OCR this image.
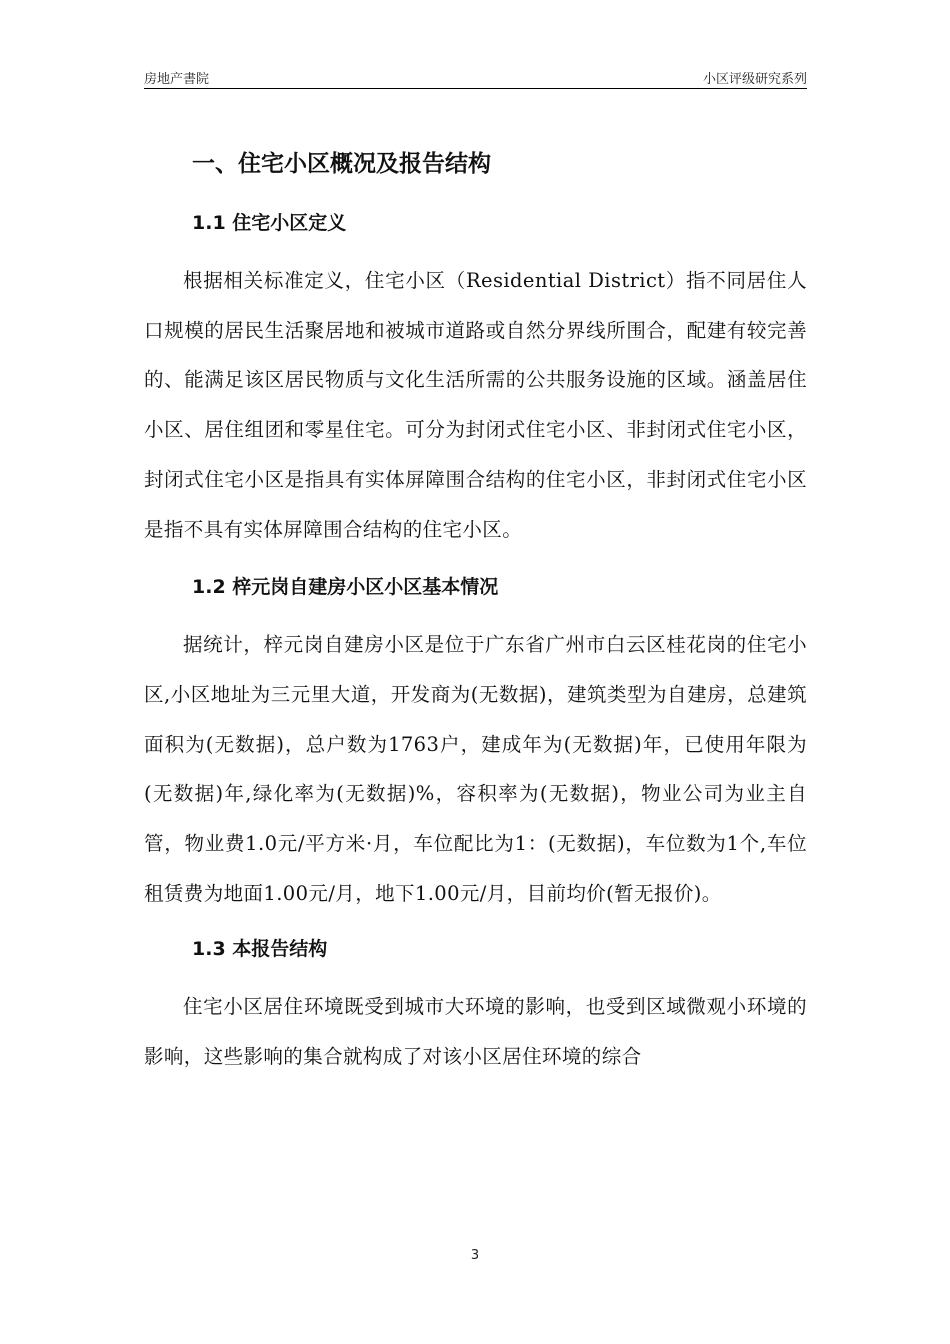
房地产書院	小区评级研究系列
一、住宅小区概况及报告结构
1.1 住宅小区定义

根据相关标准定义，住宅小区（Residential District）指不同居住人口规模的居民生活聚居地和被城市道路或自然分界线所围合，配建有较完善的、能满足该区居民物质与文化生活所需的公共服务设施的区域。涵盖居住小区、居住组团和零星住宅。可分为封闭式住宅小区、非封闭式住宅小区，封闭式住宅小区是指具有实体屏障围合结构的住宅小区，非封闭式住宅小区是指不具有实体屏障围合结构的住宅小区。

1.2 梓元岗自建房小区小区基本情况

据统计，梓元岗自建房小区是位于广东省广州市白云区桂花岗的住宅小区,小区地址为三元里大道，开发商为(无数据)，建筑类型为自建房，总建筑面积为(无数据)，总户数为1763户，建成年为(无数据)年，已使用年限为(无数据)年,绿化率为(无数据)%，容积率为(无数据)，物业公司为业主自管，物业费1.0元/平方米·月，车位配比为1：(无数据)，车位数为1个,车位租赁费为地面1.00元/月，地下1.00元/月，目前均价(暂无报价)。

1.3 本报告结构

住宅小区居住环境既受到城市大环境的影响，也受到区域微观小环境的影响，这些影响的集合就构成了对该小区居住环境的综合

3
